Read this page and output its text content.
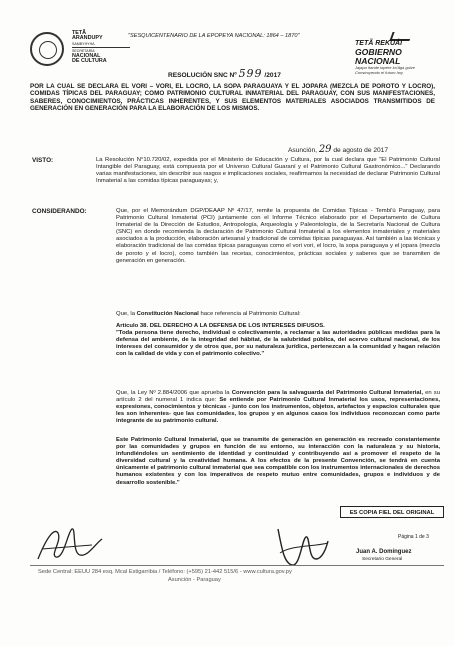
TETÃ
ARANDUPY
SAMBYHYHA
SECRETARÍA
NACIONAL
DE CULTURA
"SESQUICENTENARIO DE LA EPOPEYA NACIONAL: 1864 – 1870"
TETÃ REKUÁI
GOBIERNO NACIONAL
Jajapo ñande tapére ko'ãga guive
Construyendo el futuro hoy
RESOLUCIÓN SNC Nº 599 /2017
POR LA CUAL SE DECLARA EL VORI – VORI, EL LOCRO, LA SOPA PARAGUAYA Y EL JOPARA (MEZCLA DE POROTO Y LOCRO), COMIDAS TÍPICAS DEL PARAGUAY; COMO PATRIMONIO CULTURAL INMATERIAL DEL PARAGUAY, CON SUS MANIFESTACIONES, SABERES, CONOCIMIENTOS, PRÁCTICAS INHERENTES, Y SUS ELEMENTOS MATERIALES ASOCIADOS TRANSMITIDOS DE GENERACIÓN EN GENERACIÓN PARA LA ELABORACIÓN DE LOS MISMOS.
Asunción, 29 de agosto de 2017
VISTO:	La Resolución N°10.720/02, expedida por el Ministerio de Educación y Cultura, por la cual declara que "El Patrimonio Cultural Intangible del Paraguay, está compuesta por el Universo Cultural Guaraní y el Patrimonio Cultural Gastronómico..." Declarando varias manifestaciones, sin describir sus rasgos e implicaciones sociales, reafirmamos la necesidad de declarar Patrimonio Cultural Inmaterial a las comidas típicas paraguayas; y,
CONSIDERANDO:	Que, por el Memorándum DGP/DEAAP Nº 47/17, remite la propuesta de Comidas Típicas - Tembi'ú Paraguay, para Patrimonio Cultural Inmaterial (PCI) juntamente con el Informe Técnico elaborado por el Departamento de Cultura Inmaterial de la Dirección de Estudios, Antropología, Arqueología y Paleontología, de la Secretaría Nacional de Cultura (SNC) en donde recomienda la declaración de Patrimonio Cultural Inmaterial a los elementos inmateriales y materiales asociados a la producción, elaboración artesanal y tradicional de comidas típicas paraguayas. Así también a las técnicas y elaboración tradicional de las comidas típicas paraguayas como el vori vori, el locro, la sopa paraguaya y el jopara (mezcla de poroto y el locro), como también las recetas, conocimientos, prácticas sociales y saberes que se transmiten de generación en generación.
Que, la Constitución Nacional hace referencia al Patrimonio Cultural:
Artículo 38. DEL DERECHO A LA DEFENSA DE LOS INTERESES DIFUSOS.
"Toda persona tiene derecho, individual o colectivamente, a reclamar a las autoridades públicas medidas para la defensa del ambiente, de la integridad del hábitat, de la salubridad pública, del acervo cultural nacional, de los intereses del consumidor y de otros que, por su naturaleza jurídica, pertenezcan a la comunidad y hagan relación con la calidad de vida y con el patrimonio colectivo."
Que, la Ley Nº 2.884/2006 que aprueba la Convención para la salvaguarda del Patrimonio Cultural Inmaterial, en su artículo 2 del numeral 1 indica que: Se entiende por Patrimonio Cultural Inmaterial los usos, representaciones, expresiones, conocimientos y técnicas - junto con los instrumentos, objetos, artefactos y espacios culturales que les son inherentes- que las comunidades, los grupos y en algunos casos los individuos reconozcan como parte integrante de su patrimonio cultural.
Este Patrimonio Cultural Inmaterial, que se transmite de generación en generación es recreado constantemente por las comunidades y grupos en función de su entorno, su interacción con la naturaleza y su historia, infundiéndoles un sentimiento de identidad y continuidad y contribuyendo así a promover el respeto de la diversidad cultural y la creatividad humana. A los efectos de la presente Convención, se tendrá en cuenta únicamente el patrimonio cultural inmaterial que sea compatible con los instrumentos internacionales de derechos humanos existentes y con los imperativos de respeto mutuo entre comunidades, grupos e individuos y de desarrollo sostenible."
ES COPIA FIEL DEL ORIGINAL
Página 1 de 3
Juan A. Domínguez
Secretario General
Sede Central: EEUU 284 esq. Mcal Estigarribia / Teléfono: (+595) 21-442 515/6 - www.cultura.gov.py
Asunción - Paraguay
